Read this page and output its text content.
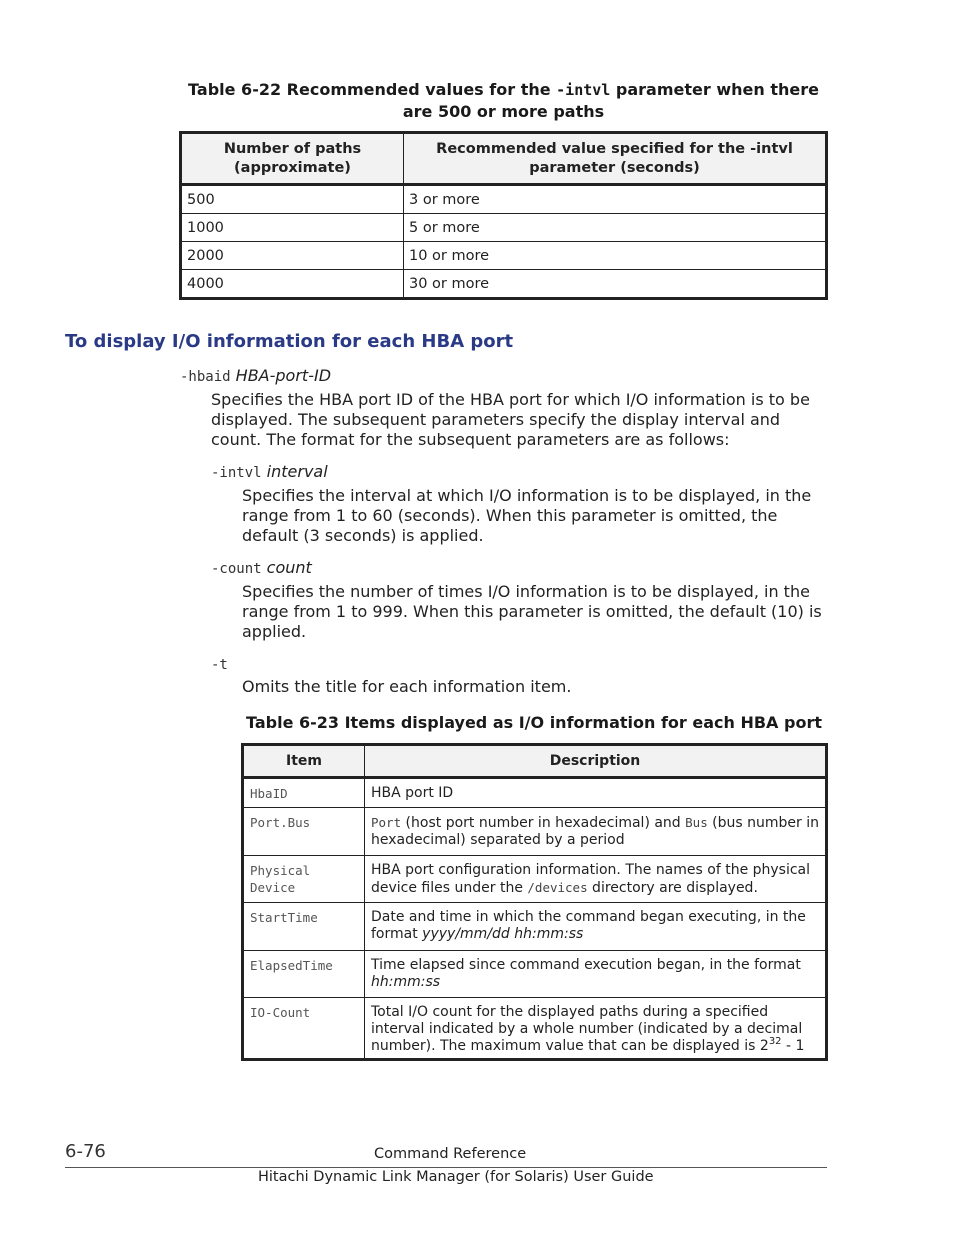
Table 6-22 Recommended values for the -intvl parameter when there are 500 or more paths
Number of paths (approximate)	Recommended value specified for the -intvl parameter (seconds)
500	3 or more
1000	5 or more
2000	10 or more
4000	30 or more
To display I/O information for each HBA port
-hbaid HBA-port-ID

Specifies the HBA port ID of the HBA port for which I/O information is to be displayed. The subsequent parameters specify the display interval and count. The format for the subsequent parameters are as follows:

-intvl interval

Specifies the interval at which I/O information is to be displayed, in the range from 1 to 60 (seconds). When this parameter is omitted, the default (3 seconds) is applied.

-count count

Specifies the number of times I/O information is to be displayed, in the range from 1 to 999. When this parameter is omitted, the default (10) is applied.

-t

Omits the title for each information item.

Table 6-23 Items displayed as I/O information for each HBA port
Item	Description
HbaID	HBA port ID
Port.Bus	Port (host port number in hexadecimal) and Bus (bus number in hexadecimal) separated by a period
Physical Device	HBA port configuration information. The names of the physical device files under the /devices directory are displayed.
StartTime	Date and time in which the command began executing, in the format yyyy/mm/dd hh:mm:ss
ElapsedTime	Time elapsed since command execution began, in the format hh:mm:ss
IO-Count	Total I/O count for the displayed paths during a specified interval indicated by a whole number (indicated by a decimal number). The maximum value that can be displayed is $2^{32} - 1$
6-76	Command Reference
Hitachi Dynamic Link Manager (for Solaris) User Guide
